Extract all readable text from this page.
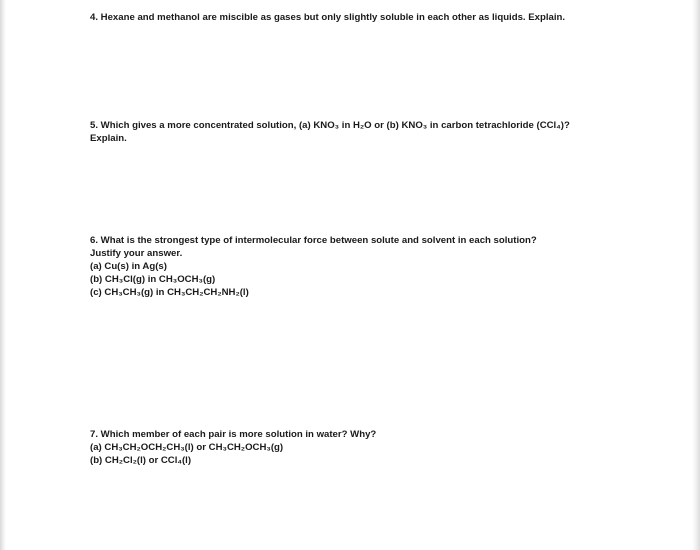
4. Hexane and methanol are miscible as gases but only slightly soluble in each other as liquids. Explain.
5. Which gives a more concentrated solution, (a) KNO₃ in H₂O or (b) KNO₃ in carbon tetrachloride (CCl₄)?
Explain.
6. What is the strongest type of intermolecular force between solute and solvent in each solution?
Justify your answer.
(a) Cu(s) in Ag(s)
(b) CH₃Cl(g) in CH₃OCH₃(g)
(c) CH₃CH₃(g) in CH₃CH₂CH₂NH₂(l)
7. Which member of each pair is more solution in water? Why?
(a) CH₃CH₂OCH₂CH₃(l) or CH₃CH₂OCH₃(g)
(b) CH₂Cl₂(l) or CCl₄(l)
